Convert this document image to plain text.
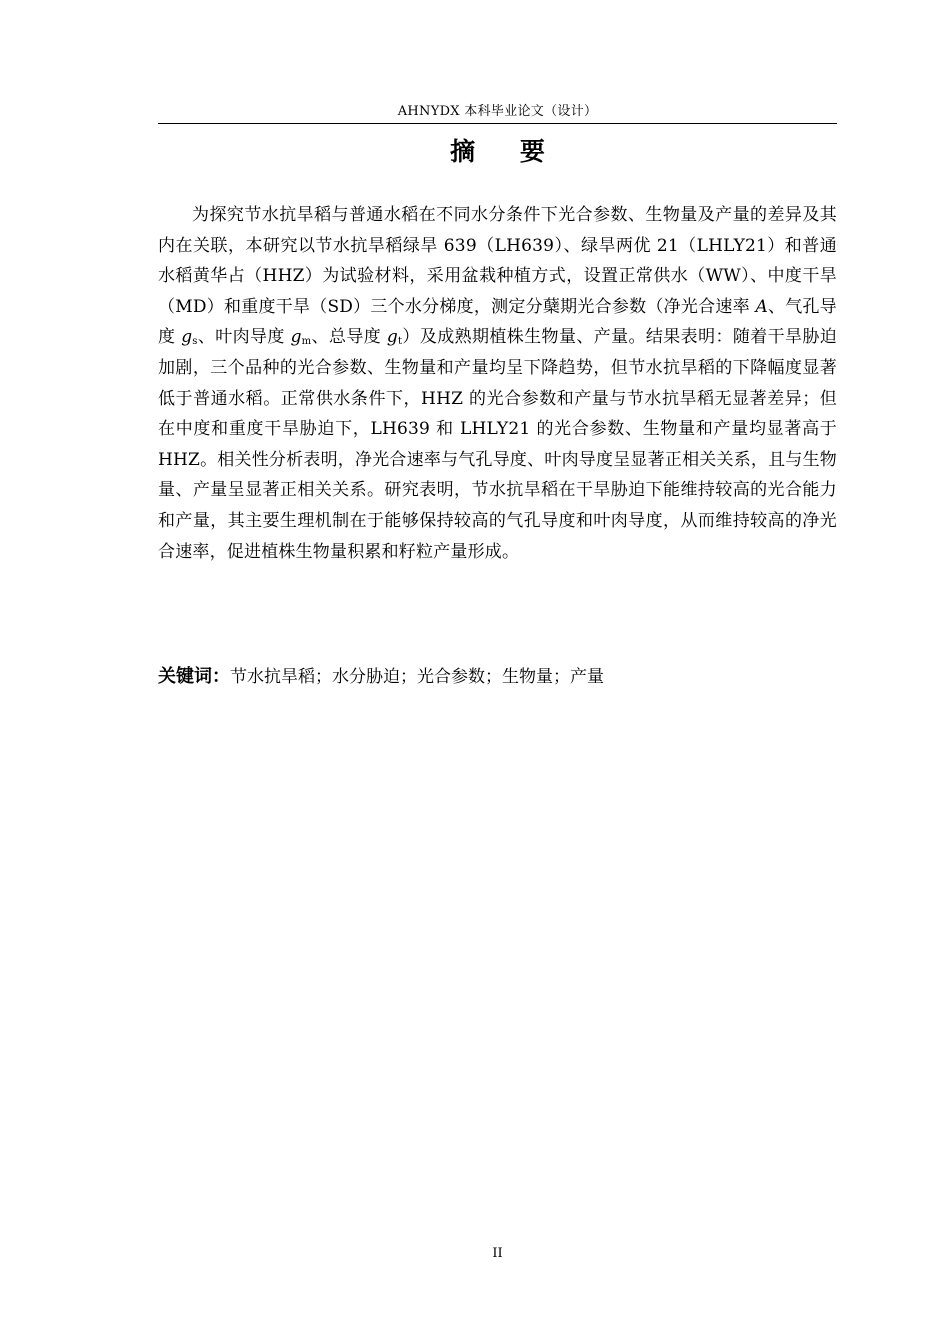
AHNYDX 本科毕业论文（设计）
摘 要

为探究节水抗旱稻与普通水稻在不同水分条件下光合参数、生物量及产量的差异及其内在关联，本研究以节水抗旱稻绿旱 639（LH639）、绿旱两优 21（LHLY21）和普通水稻黄华占（HHZ）为试验材料，采用盆栽种植方式，设置正常供水（WW）、中度干旱（MD）和重度干旱（SD）三个水分梯度，测定分蘖期光合参数（净光合速率 A、气孔导度 $g_s$、叶肉导度 $g_m$、总导度 $g_t$）及成熟期植株生物量、产量。结果表明：随着干旱胁迫加剧，三个品种的光合参数、生物量和产量均呈下降趋势，但节水抗旱稻的下降幅度显著低于普通水稻。正常供水条件下，HHZ 的光合参数和产量与节水抗旱稻无显著差异；但在中度和重度干旱胁迫下，LH639 和 LHLY21 的光合参数、生物量和产量均显著高于 HHZ。相关性分析表明，净光合速率与气孔导度、叶肉导度呈显著正相关关系，且与生物量、产量呈显著正相关关系。研究表明，节水抗旱稻在干旱胁迫下能维持较高的光合能力和产量，其主要生理机制在于能够保持较高的气孔导度和叶肉导度，从而维持较高的净光合速率，促进植株生物量积累和籽粒产量形成。

关键词：节水抗旱稻；水分胁迫；光合参数；生物量；产量
II
